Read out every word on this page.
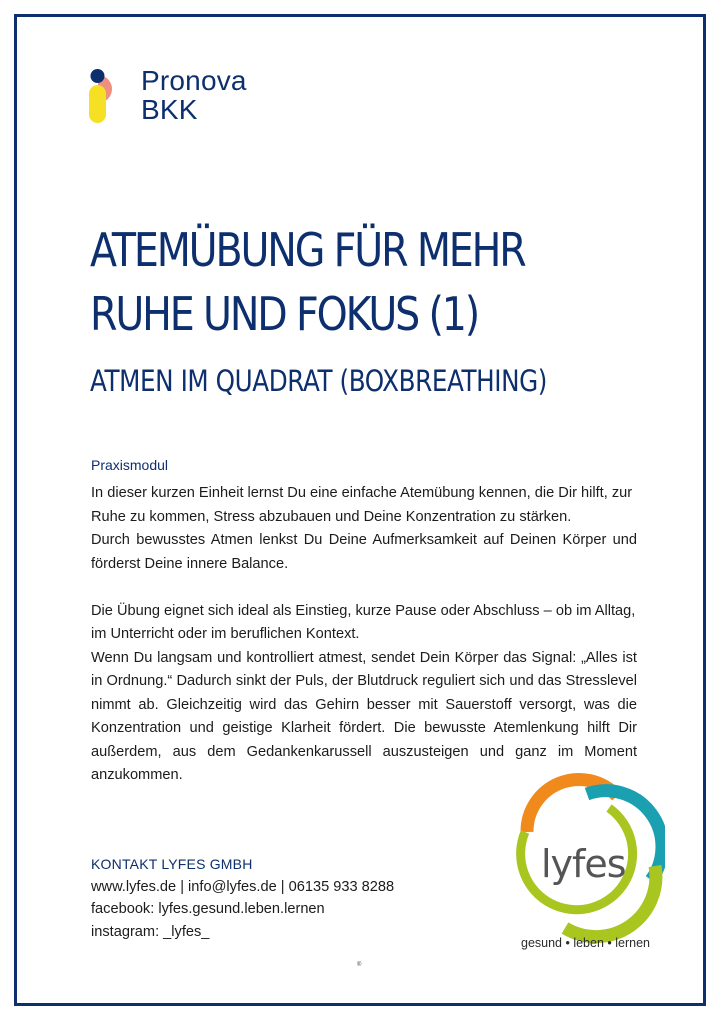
Pronova
BKK
ATEMÜBUNG FÜR MEHR
RUHE UND FOKUS (1)
ATMEN IM QUADRAT (BOXBREATHING)
Praxismodul

In dieser kurzen Einheit lernst Du eine einfache Atemübung kennen, die Dir hilft, zur Ruhe zu kommen, Stress abzubauen und Deine Konzentration zu stärken.

Durch bewusstes Atmen lenkst Du Deine Aufmerksamkeit auf Deinen Körper und förderst Deine innere Balance.

Die Übung eignet sich ideal als Einstieg, kurze Pause oder Abschluss – ob im Alltag, im Unterricht oder im beruflichen Kontext.

Wenn Du langsam und kontrolliert atmest, sendet Dein Körper das Signal: „Alles ist in Ordnung.“ Dadurch sinkt der Puls, der Blutdruck reguliert sich und das Stresslevel nimmt ab. Gleichzeitig wird das Gehirn besser mit Sauerstoff versorgt, was die Konzentration und geistige Klarheit fördert. Die bewusste Atemlenkung hilft Dir außerdem, aus dem Gedankenkarussell auszusteigen und ganz im Moment anzukommen.

KONTAKT LYFES GMBH
www.lyfes.de | info@lyfes.de | 06135 933 8288
facebook: lyfes.gesund.leben.lernen
instagram: _lyfes_
lyfes
gesund • leben • lernen
®
